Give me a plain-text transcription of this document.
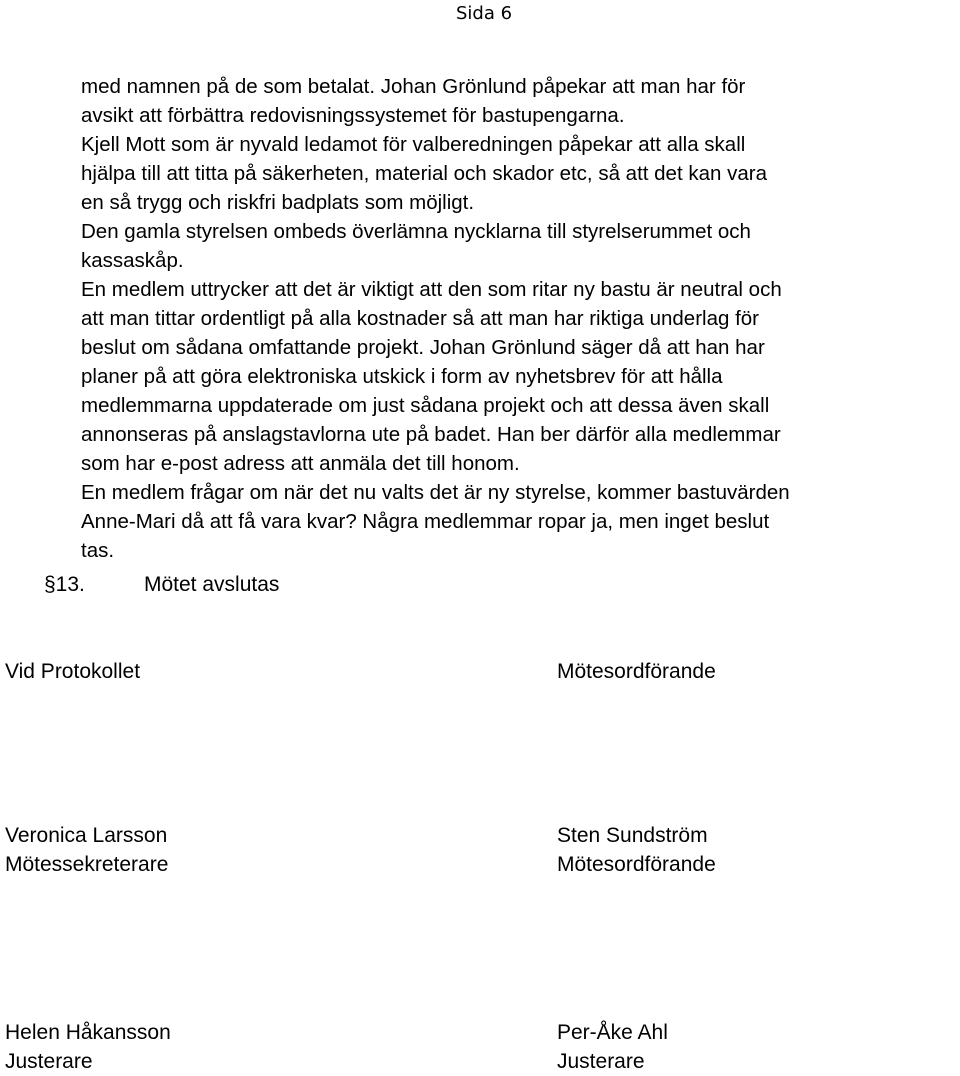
Sida 6
med namnen på de som betalat. Johan Grönlund påpekar att man har för
avsikt att förbättra redovisningssystemet för bastupengarna.
Kjell Mott som är nyvald ledamot för valberedningen påpekar att alla skall
hjälpa till att titta på säkerheten, material och skador etc, så att det kan vara
en så trygg och riskfri badplats som möjligt.
Den gamla styrelsen ombeds överlämna nycklarna till styrelserummet och
kassaskåp.
En medlem uttrycker att det är viktigt att den som ritar ny bastu är neutral och
att man tittar ordentligt på alla kostnader så att man har riktiga underlag för
beslut om sådana omfattande projekt. Johan Grönlund säger då att han har
planer på att göra elektroniska utskick i form av nyhetsbrev för att hålla
medlemmarna uppdaterade om just sådana projekt och att dessa även skall
annonseras på anslagstavlorna ute på badet. Han ber därför alla medlemmar
som har e-post adress att anmäla det till honom.
En medlem frågar om när det nu valts det är ny styrelse, kommer bastuvärden
Anne-Mari då att få vara kvar? Några medlemmar ropar ja, men inget beslut
tas.
§13.	Mötet avslutas
Vid Protokollet	Mötesordförande
Veronica Larsson
Mötessekreterare
Sten Sundström
Mötesordförande
Helen Håkansson
Justerare
Per-Åke Ahl
Justerare
